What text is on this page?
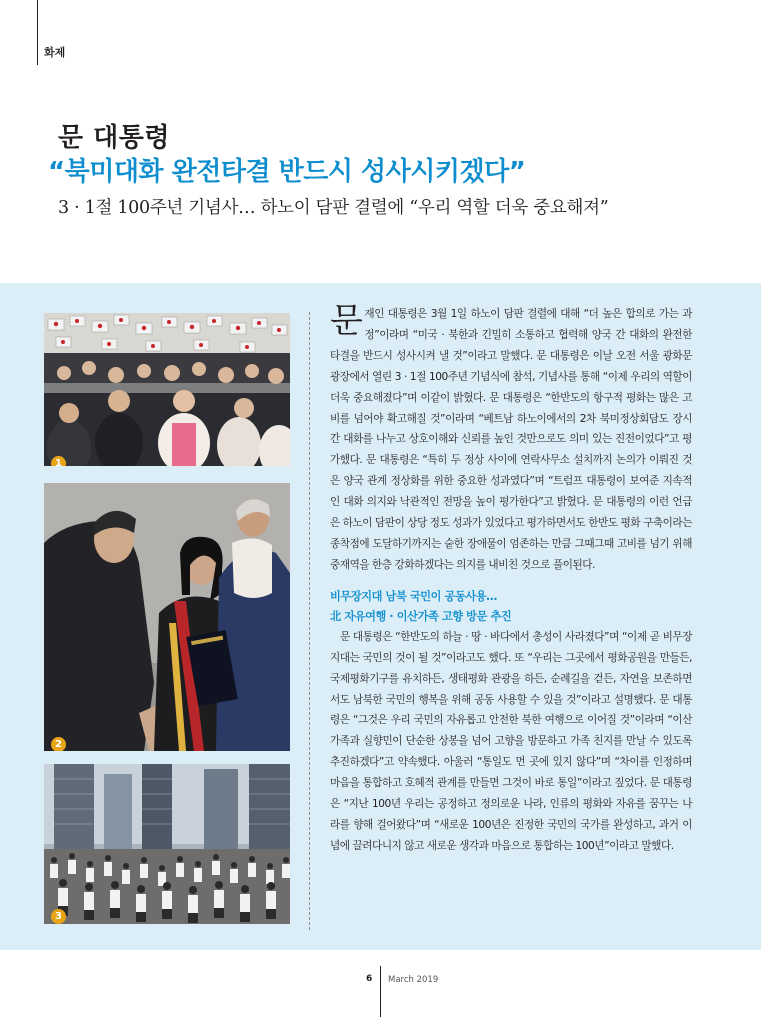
화제
문 대통령
“북미대화 완전타결 반드시 성사시키겠다”
3 · 1절 100주년 기념사… 하노이 담판 결렬에 “우리 역할 더욱 중요해져”
1
2
3

문재인 대통령은 3월 1일 하노이 담판 결렬에 대해 “더 높은 합의로 가는 과정”이라며 “미국 · 북한과 긴밀히 소통하고 협력해 양국 간 대화의 완전한 타결을 반드시 성사시켜 낼 것”이라고 말했다. 문 대통령은 이날 오전 서울 광화문광장에서 열린 3 · 1절 100주년 기념식에 참석, 기념사를 통해 “이제 우리의 역할이 더욱 중요해졌다”며 이같이 밝혔다. 문 대통령은 “한반도의 항구적 평화는 많은 고비를 넘어야 확고해질 것”이라며 “베트남 하노이에서의 2차 북미정상회담도 장시간 대화를 나누고 상호이해와 신뢰를 높인 것만으로도 의미 있는 진전이었다”고 평가했다. 문 대통령은 “특히 두 정상 사이에 연락사무소 설치까지 논의가 이뤄진 것은 양국 관계 정상화를 위한 중요한 성과였다”며 “트럼프 대통령이 보여준 지속적인 대화 의지와 낙관적인 전망을 높이 평가한다”고 밝혔다. 문 대통령의 이런 언급은 하노이 담판이 상당 정도 성과가 있었다고 평가하면서도 한반도 평화 구축이라는 종착점에 도달하기까지는 숱한 장애물이 엄존하는 만큼 그때그때 고비를 넘기 위해 중재역을 한층 강화하겠다는 의지를 내비친 것으로 풀이된다.

비무장지대 남북 국민이 공동사용…
北 자유여행 · 이산가족 고향 방문 추진

문 대통령은 “한반도의 하늘 · 땅 · 바다에서 총성이 사라졌다”며 “이제 곧 비무장지대는 국민의 것이 될 것”이라고도 했다. 또 “우리는 그곳에서 평화공원을 만들든, 국제평화기구를 유치하든, 생태평화 관광을 하든, 순례길을 걷든, 자연을 보존하면서도 남북한 국민의 행복을 위해 공동 사용할 수 있을 것”이라고 설명했다. 문 대통령은 “그것은 우리 국민의 자유롭고 안전한 북한 여행으로 이어질 것”이라며 “이산가족과 실향민이 단순한 상봉을 넘어 고향을 방문하고 가족 친지를 만날 수 있도록 추진하겠다”고 약속했다. 아울러 “통일도 먼 곳에 있지 않다”며 “차이를 인정하며 마음을 통합하고 호혜적 관계를 만들면 그것이 바로 통일”이라고 짚었다. 문 대통령은 “지난 100년 우리는 공정하고 정의로운 나라, 인류의 평화와 자유를 꿈꾸는 나라를 향해 걸어왔다”며 “새로운 100년은 진정한 국민의 국가를 완성하고, 과거 이념에 끌려다니지 않고 새로운 생각과 마음으로 통합하는 100년”이라고 말했다.

6 March 2019
